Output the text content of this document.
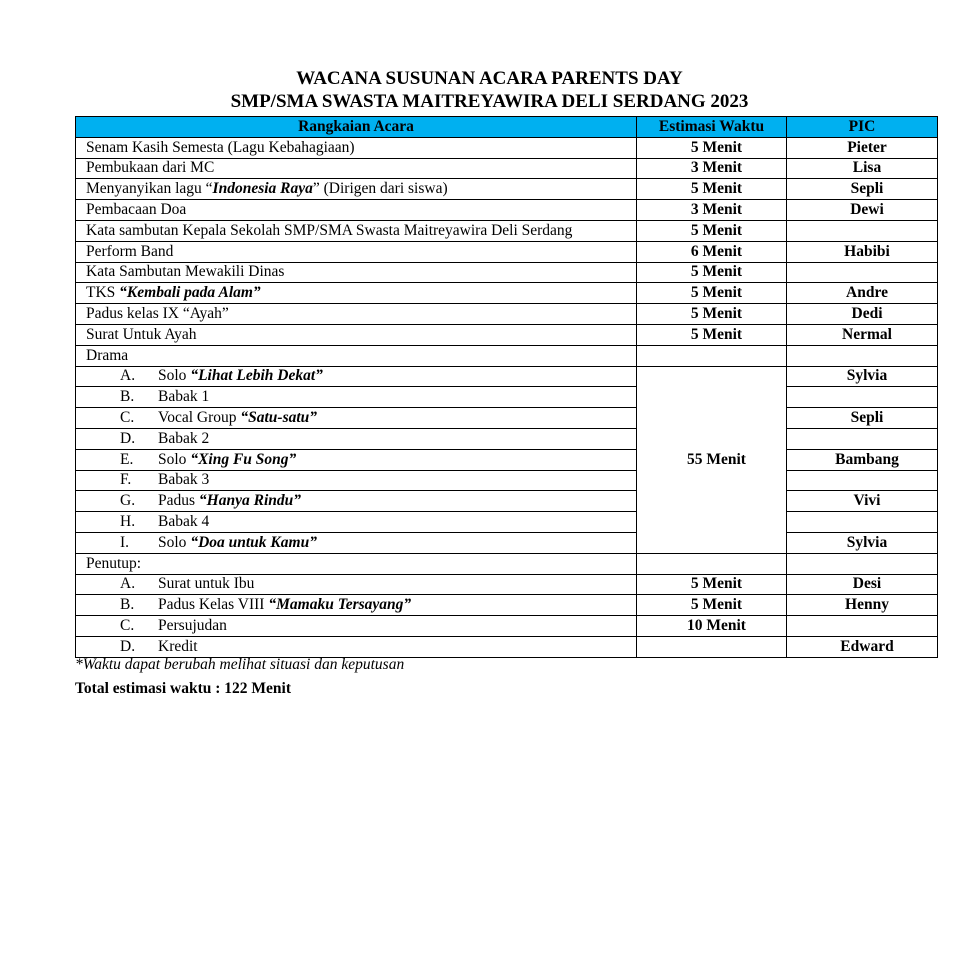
WACANA SUSUNAN ACARA PARENTS DAY
SMP/SMA SWASTA MAITREYAWIRA DELI SERDANG 2023
Rangkaian Acara	Estimasi Waktu	PIC
Senam Kasih Semesta (Lagu Kebahagiaan)	5 Menit	Pieter
Pembukaan dari MC	3 Menit	Lisa
Menyanyikan lagu “Indonesia Raya” (Dirigen dari siswa)	5 Menit	Sepli
Pembacaan Doa	3 Menit	Dewi
Kata sambutan Kepala Sekolah SMP/SMA Swasta Maitreyawira Deli Serdang	5 Menit	
Perform Band	6 Menit	Habibi
Kata Sambutan Mewakili Dinas	5 Menit	
TKS “Kembali pada Alam”	5 Menit	Andre
Padus kelas IX “Ayah”	5 Menit	Dedi
Surat Untuk Ayah	5 Menit	Nermal
Drama		
A. Solo “Lihat Lebih Dekat”	55 Menit	Sylvia
B. Babak 1		
C. Vocal Group “Satu-satu”		Sepli
D. Babak 2		
E. Solo “Xing Fu Song”		Bambang
F. Babak 3		
G. Padus “Hanya Rindu”		Vivi
H. Babak 4		
I. Solo “Doa untuk Kamu”		Sylvia
Penutup:		
A. Surat untuk Ibu	5 Menit	Desi
B. Padus Kelas VIII “Mamaku Tersayang”	5 Menit	Henny
C. Persujudan	10 Menit	
D. Kredit		Edward
*Waktu dapat berubah melihat situasi dan keputusan
Total estimasi waktu : 122 Menit
